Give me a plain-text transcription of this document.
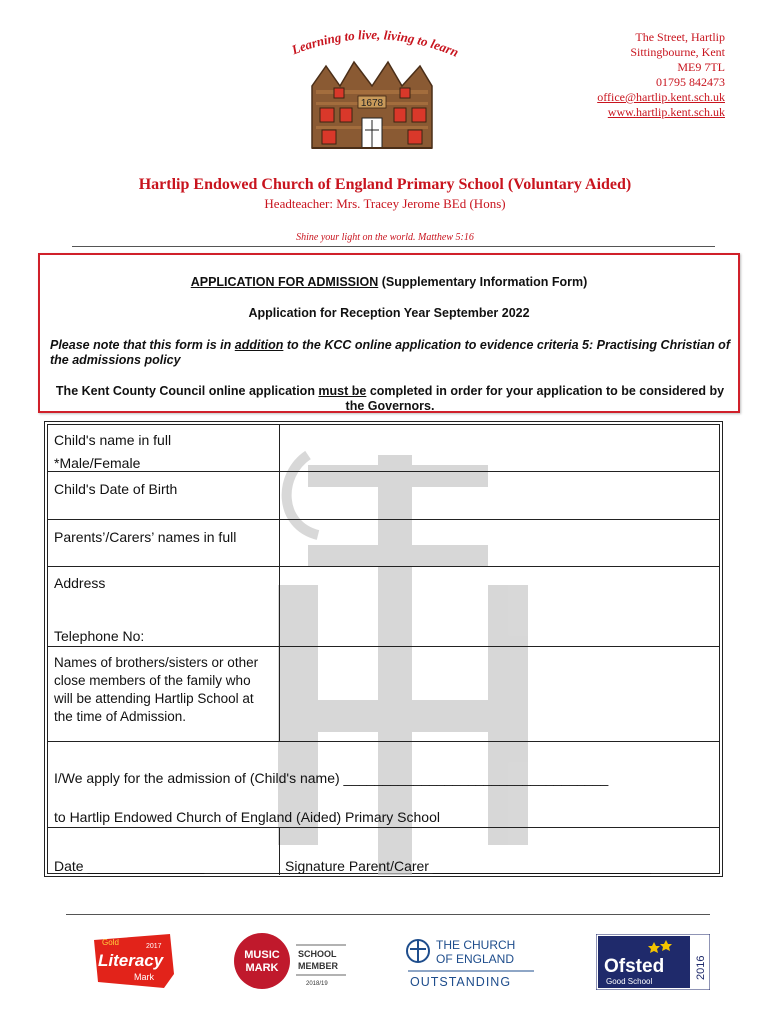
The Street, Hartlip
Sittingbourne, Kent
ME9 7TL
01795 842473
office@hartlip.kent.sch.uk
www.hartlip.kent.sch.uk
Learning to live, living to learn
1678
Hartlip Endowed Church of England Primary School (Voluntary Aided)
Headteacher: Mrs. Tracey Jerome BEd (Hons)
Shine your light on the world. Matthew 5:16
APPLICATION FOR ADMISSION (Supplementary Information Form)
Application for Reception Year September 2022
Please note that this form is in addition to the KCC online application to evidence criteria 5: Practising Christian of the admissions policy
The Kent County Council online application must be completed in order for your application to be considered by the Governors.
Child's name in full
*Male/Female
Child's Date of Birth
Parents’/Carers’ names in full
Address
Telephone No:
Names of brothers/sisters or other close members of the family who will be attending Hartlip School at the time of Admission.
I/We apply for the admission of (Child's name) __________________________________
to Hartlip Endowed Church of England (Aided) Primary School
Date _______________	Signature Parent/Carer ____________________________
Gold	2017
Literacy
Mark
MUSIC
MARK
SCHOOL
MEMBER
2018/19
THE CHURCH
OF ENGLAND
OUTSTANDING
Ofsted
Good School
2016
